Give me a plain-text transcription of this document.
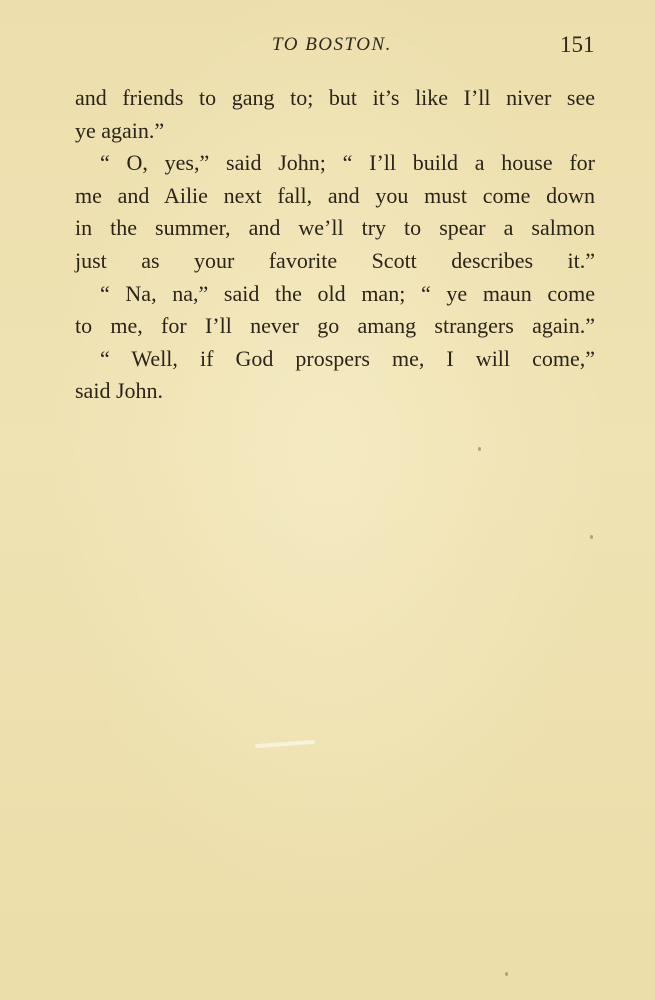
TO BOSTON.	151
and friends to gang to; but it’s like I’ll niver see
ye again.”
“ O, yes,” said John; “ I’ll build a house for
me and Ailie next fall, and you must come down
in the summer, and we’ll try to spear a salmon
just as your favorite Scott describes it.”
“ Na, na,” said the old man; “ ye maun come
to me, for I’ll never go amang strangers again.”
“ Well, if God prospers me, I will come,”
said John.
